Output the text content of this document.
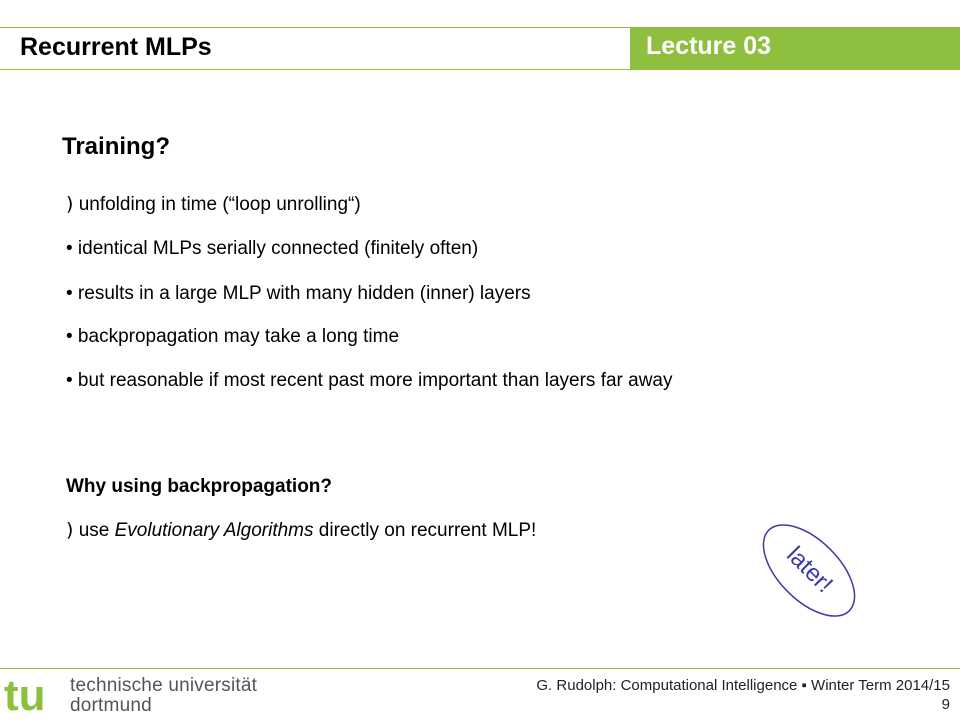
Recurrent MLPs	Lecture 03
Training?
) unfolding in time (“loop unrolling“)
• identical MLPs serially connected (finitely often)
• results in a large MLP with many hidden (inner) layers
• backpropagation may take a long time
• but reasonable if most recent past more important than layers far away
Why using backpropagation?
) use Evolutionary Algorithms directly on recurrent MLP!
later!
tu technische universität
dortmund
G. Rudolph: Computational Intelligence ▪ Winter Term 2014/15
9
